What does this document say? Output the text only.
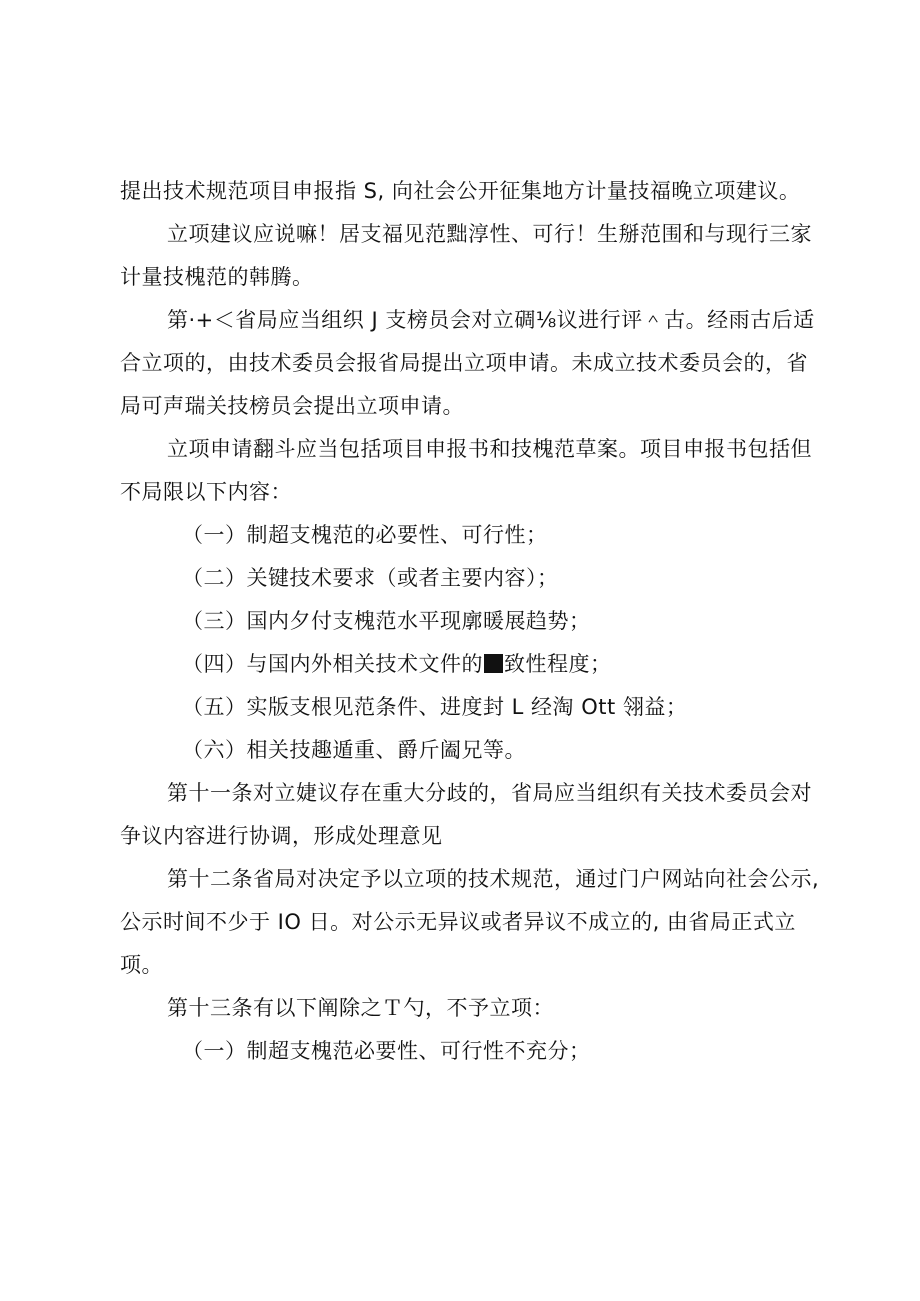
提出技术规范项目申报指 S, 向社会公开征集地方计量技福晚立项建议。

立项建议应说嘛！居支福见范黜淳性、可行！生掰范围和与现行三家计量技槐范的韩腾。

第·+＜省局应当组织 J 支榜员会对立碉⅛议进行评＾古。经雨古后适合立项的，由技术委员会报省局提出立项申请。未成立技术委员会的，省局可声瑞关技榜员会提出立项申请。

立项申请翻斗应当包括项目申报书和技槐范草案。项目申报书包括但不局限以下内容：

（一）制超支槐范的必要性、可行性；

（二）关键技术要求（或者主要内容）；

（三）国内夕付支槐范水平现廓暖展趋势；

（四）与国内外相关技术文件的 致性程度；

（五）实版支根见范条件、进度封 L 经淘 Ott 翎益；

（六）相关技趣遁重、爵斤阖兄等。

第十一条对立婕议存在重大分歧的，省局应当组织有关技术委员会对争议内容进行协调，形成处理意见

第十二条省局对决定予以立项的技术规范，通过门户网站向社会公示, 公示时间不少于 IO 日。对公示无异议或者异议不成立的, 由省局正式立项。

第十三条有以下阐除之Ｔ勺，不予立项：

（一）制超支槐范必要性、可行性不充分；
